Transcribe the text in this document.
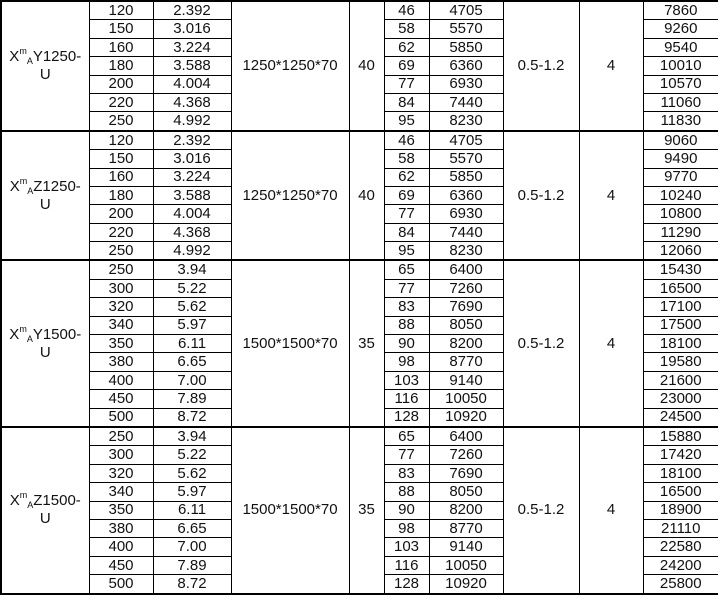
$X^m_AY1250-$
U	120	2.392	1250*1250*70	40	46	4705	0.5-1.2	4	7860
	150	3.016			58	5570			9260
	160	3.224			62	5850			9540
	180	3.588			69	6360			10010
	200	4.004			77	6930			10570
	220	4.368			84	7440			11060
	250	4.992			95	8230			11830
$X^m_AZ1250-$
U	120	2.392	1250*1250*70	40	46	4705	0.5-1.2	4	9060
	150	3.016			58	5570			9490
	160	3.224			62	5850			9770
	180	3.588			69	6360			10240
	200	4.004			77	6930			10800
	220	4.368			84	7440			11290
	250	4.992			95	8230			12060
$X^m_AY1500-$
U	250	3.94	1500*1500*70	35	65	6400	0.5-1.2	4	15430
	300	5.22			77	7260			16500
	320	5.62			83	7690			17100
	340	5.97			88	8050			17500
	350	6.11			90	8200			18100
	380	6.65			98	8770			19580
	400	7.00			103	9140			21600
	450	7.89			116	10050			23000
	500	8.72			128	10920			24500
$X^m_AZ1500-$
U	250	3.94	1500*1500*70	35	65	6400	0.5-1.2	4	15880
	300	5.22			77	7260			17420
	320	5.62			83	7690			18100
	340	5.97			88	8050			16500
	350	6.11			90	8200			18900
	380	6.65			98	8770			21110
	400	7.00			103	9140			22580
	450	7.89			116	10050			24200
	500	8.72			128	10920			25800
